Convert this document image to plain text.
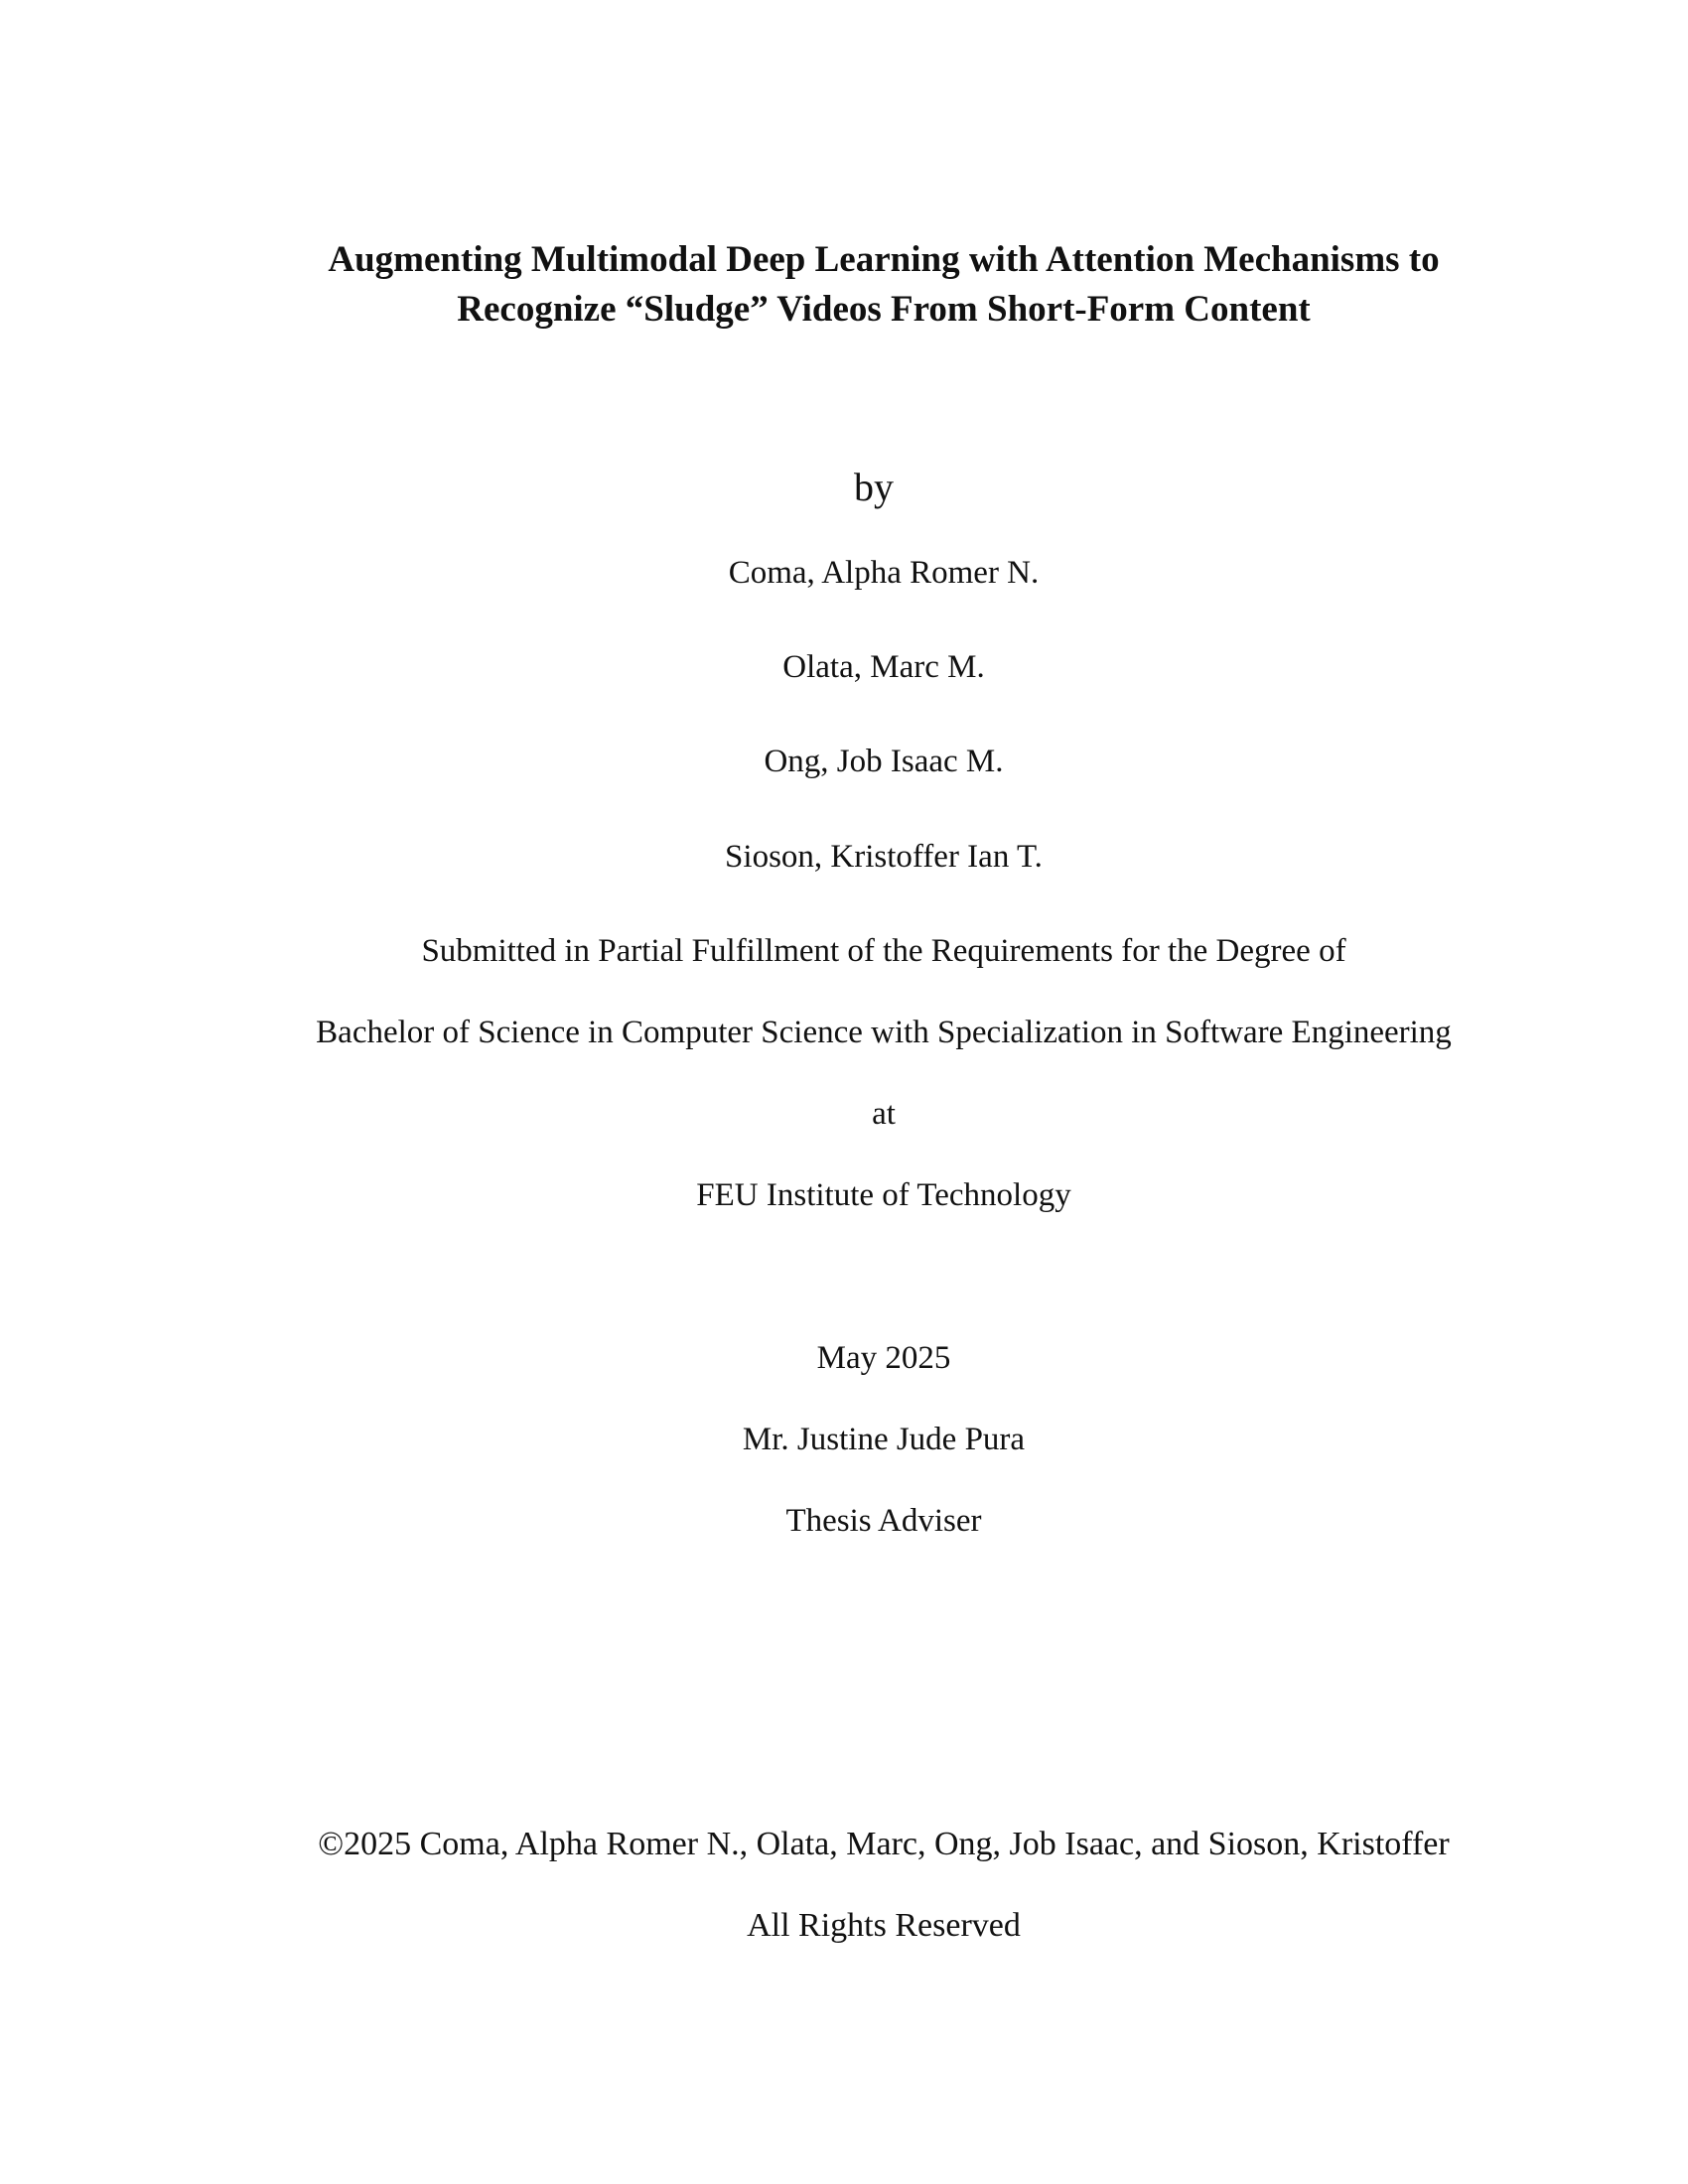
Augmenting Multimodal Deep Learning with Attention Mechanisms to
Recognize “Sludge” Videos From Short-Form Content
by
Coma, Alpha Romer N.
Olata, Marc M.
Ong, Job Isaac M.
Sioson, Kristoffer Ian T.
Submitted in Partial Fulfillment of the Requirements for the Degree of
Bachelor of Science in Computer Science with Specialization in Software Engineering
at
FEU Institute of Technology
May 2025
Mr. Justine Jude Pura
Thesis Adviser
©2025 Coma, Alpha Romer N., Olata, Marc, Ong, Job Isaac, and Sioson, Kristoffer
All Rights Reserved
